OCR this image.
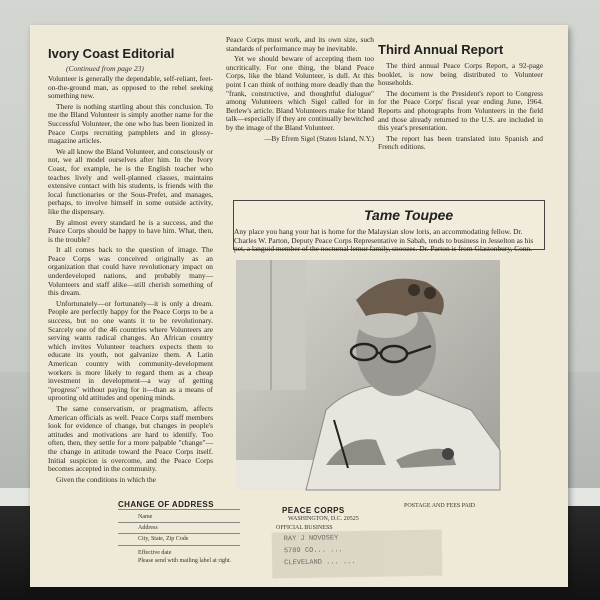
Ivory Coast Editorial
(Continued from page 23)

Volunteer is generally the dependable, self-reliant, feet-on-the-ground man, as opposed to the rebel seeking something new.

There is nothing startling about this conclusion. To me the Bland Volunteer is simply another name for the Successful Volunteer, the one who has been lionized in Peace Corps recruiting pamphlets and in glossy-magazine articles.

We all know the Bland Volunteer, and consciously or not, we all model ourselves after him. In the Ivory Coast, for example, he is the English teacher who teaches lively and well-planned classes, maintains extensive contact with his students, is friends with the local functionaries or the Sous-Prefet, and manages, perhaps, to involve himself in some outside activity, like the dispensary.

By almost every standard he is a success, and the Peace Corps should be happy to have him. What, then, is the trouble?

It all comes back to the question of image. The Peace Corps was conceived originally as an organization that could have revolutionary impact on underdeveloped nations, and probably many—Volunteers and staff alike—still cherish something of this dream.

Unfortunately—or fortunately—it is only a dream. People are perfectly happy for the Peace Corps to be a success, but no one wants it to be revolutionary. Scarcely one of the 46 countries where Volunteers are serving wants radical changes. An African country which invites Volunteer teachers expects them to educate its youth, not galvanize them. A Latin American country with community-development workers is more likely to regard them as a cheap investment in development—a way of getting "progress" without paying for it—than as a means of uprooting old attitudes and opening minds.

The same conservatism, or pragmatism, affects American officials as well. Peace Corps staff members look for evidence of change, but changes in people's attitudes and motivations are hard to identify. Too often, then, they settle for a more palpable "change"—the change in attitude toward the Peace Corps itself. Initial suspicion is overcome, and the Peace Corps becomes accepted in the community.

Given the conditions in which the

Peace Corps must work, and its own size, such standards of performance may be inevitable.

Yet we should beware of accepting them too uncritically. For one thing, the bland Peace Corps, like the bland Volunteer, is dull. At this point I can think of nothing more deadly than the "frank, constructive, and thoughtful dialogue" among Volunteers which Sigel called for in Berlew's article. Bland Volunteers make for bland talk—especially if they are continually bewitched by the image of the Bland Volunteer.

—By Efrem Sigel (Staten Island, N.Y.)
Third Annual Report

The third annual Peace Corps Report, a 92-page booklet, is now being distributed to Volunteer households.

The document is the President's report to Congress for the Peace Corps' fiscal year ending June, 1964. Reports and photographs from Volunteers in the field and those already returned to the U.S. are included in this year's presentation.

The report has been translated into Spanish and French editions.

Tame Toupee
Any place you hang your hat is home for the Malaysian slow loris, an accommodating fellow. Dr. Charles W. Parton, Deputy Peace Corps Representative in Sabah, tends to business in Jesselton as his pet, a languid member of the nocturnal lemur family, snoozes. Dr. Parton is from Glastonbury, Conn.
CHANGE OF ADDRESS
Name
Address
City, State, Zip Code
Effective date
Please send with mailing label at right.
PEACE CORPS
WASHINGTON, D.C. 20525
OFFICIAL BUSINESS
POSTAGE AND FEES PAID
RAY J NOVOSEY
5709 CO... ...
CLEVELAND ... ...
